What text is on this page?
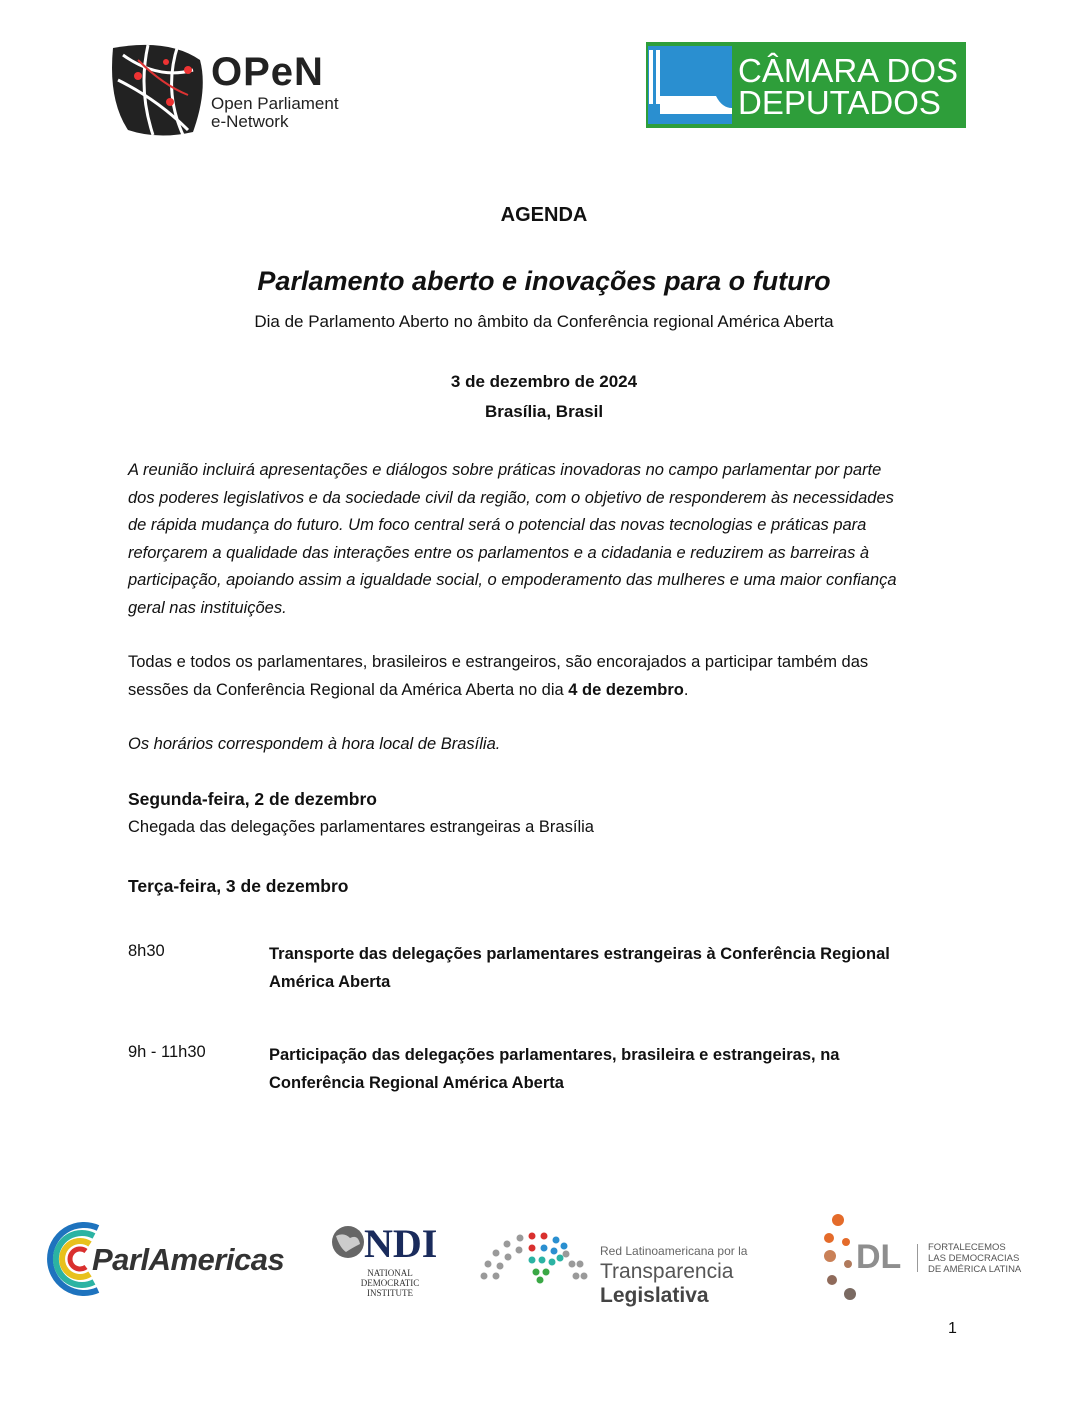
OPeN
Open Parliament
e-Network
CÂMARA DOS
DEPUTADOS
AGENDA
Parlamento aberto e inovações para o futuro
Dia de Parlamento Aberto no âmbito da Conferência regional América Aberta
3 de dezembro de 2024
Brasília, Brasil
A reunião incluirá apresentações e diálogos sobre práticas inovadoras no campo parlamentar por parte
dos poderes legislativos e da sociedade civil da região, com o objetivo de responderem às necessidades
de rápida mudança do futuro. Um foco central será o potencial das novas tecnologias e práticas para
reforçarem a qualidade das interações entre os parlamentos e a cidadania e reduzirem as barreiras à
participação, apoiando assim a igualdade social, o empoderamento das mulheres e uma maior confiança
geral nas instituições.
Todas e todos os parlamentares, brasileiros e estrangeiros, são encorajados a participar também das
sessões da Conferência Regional da América Aberta no dia 4 de dezembro.
Os horários correspondem à hora local de Brasília.
Segunda-feira, 2 de dezembro
Chegada das delegações parlamentares estrangeiras a Brasília
Terça-feira, 3 de dezembro
8h30	Transporte das delegações parlamentares estrangeiras à Conferência Regional
América Aberta
9h - 11h30	Participação das delegações parlamentares, brasileira e estrangeiras, na
Conferência Regional América Aberta
ParlAmericas NDI
NATIONAL
DEMOCRATIC
INSTITUTE
Red Latinoamericana por la
Transparencia Legislativa
DL	FORTALECEMOS
LAS DEMOCRACIAS
DE AMÉRICA LATINA
1
